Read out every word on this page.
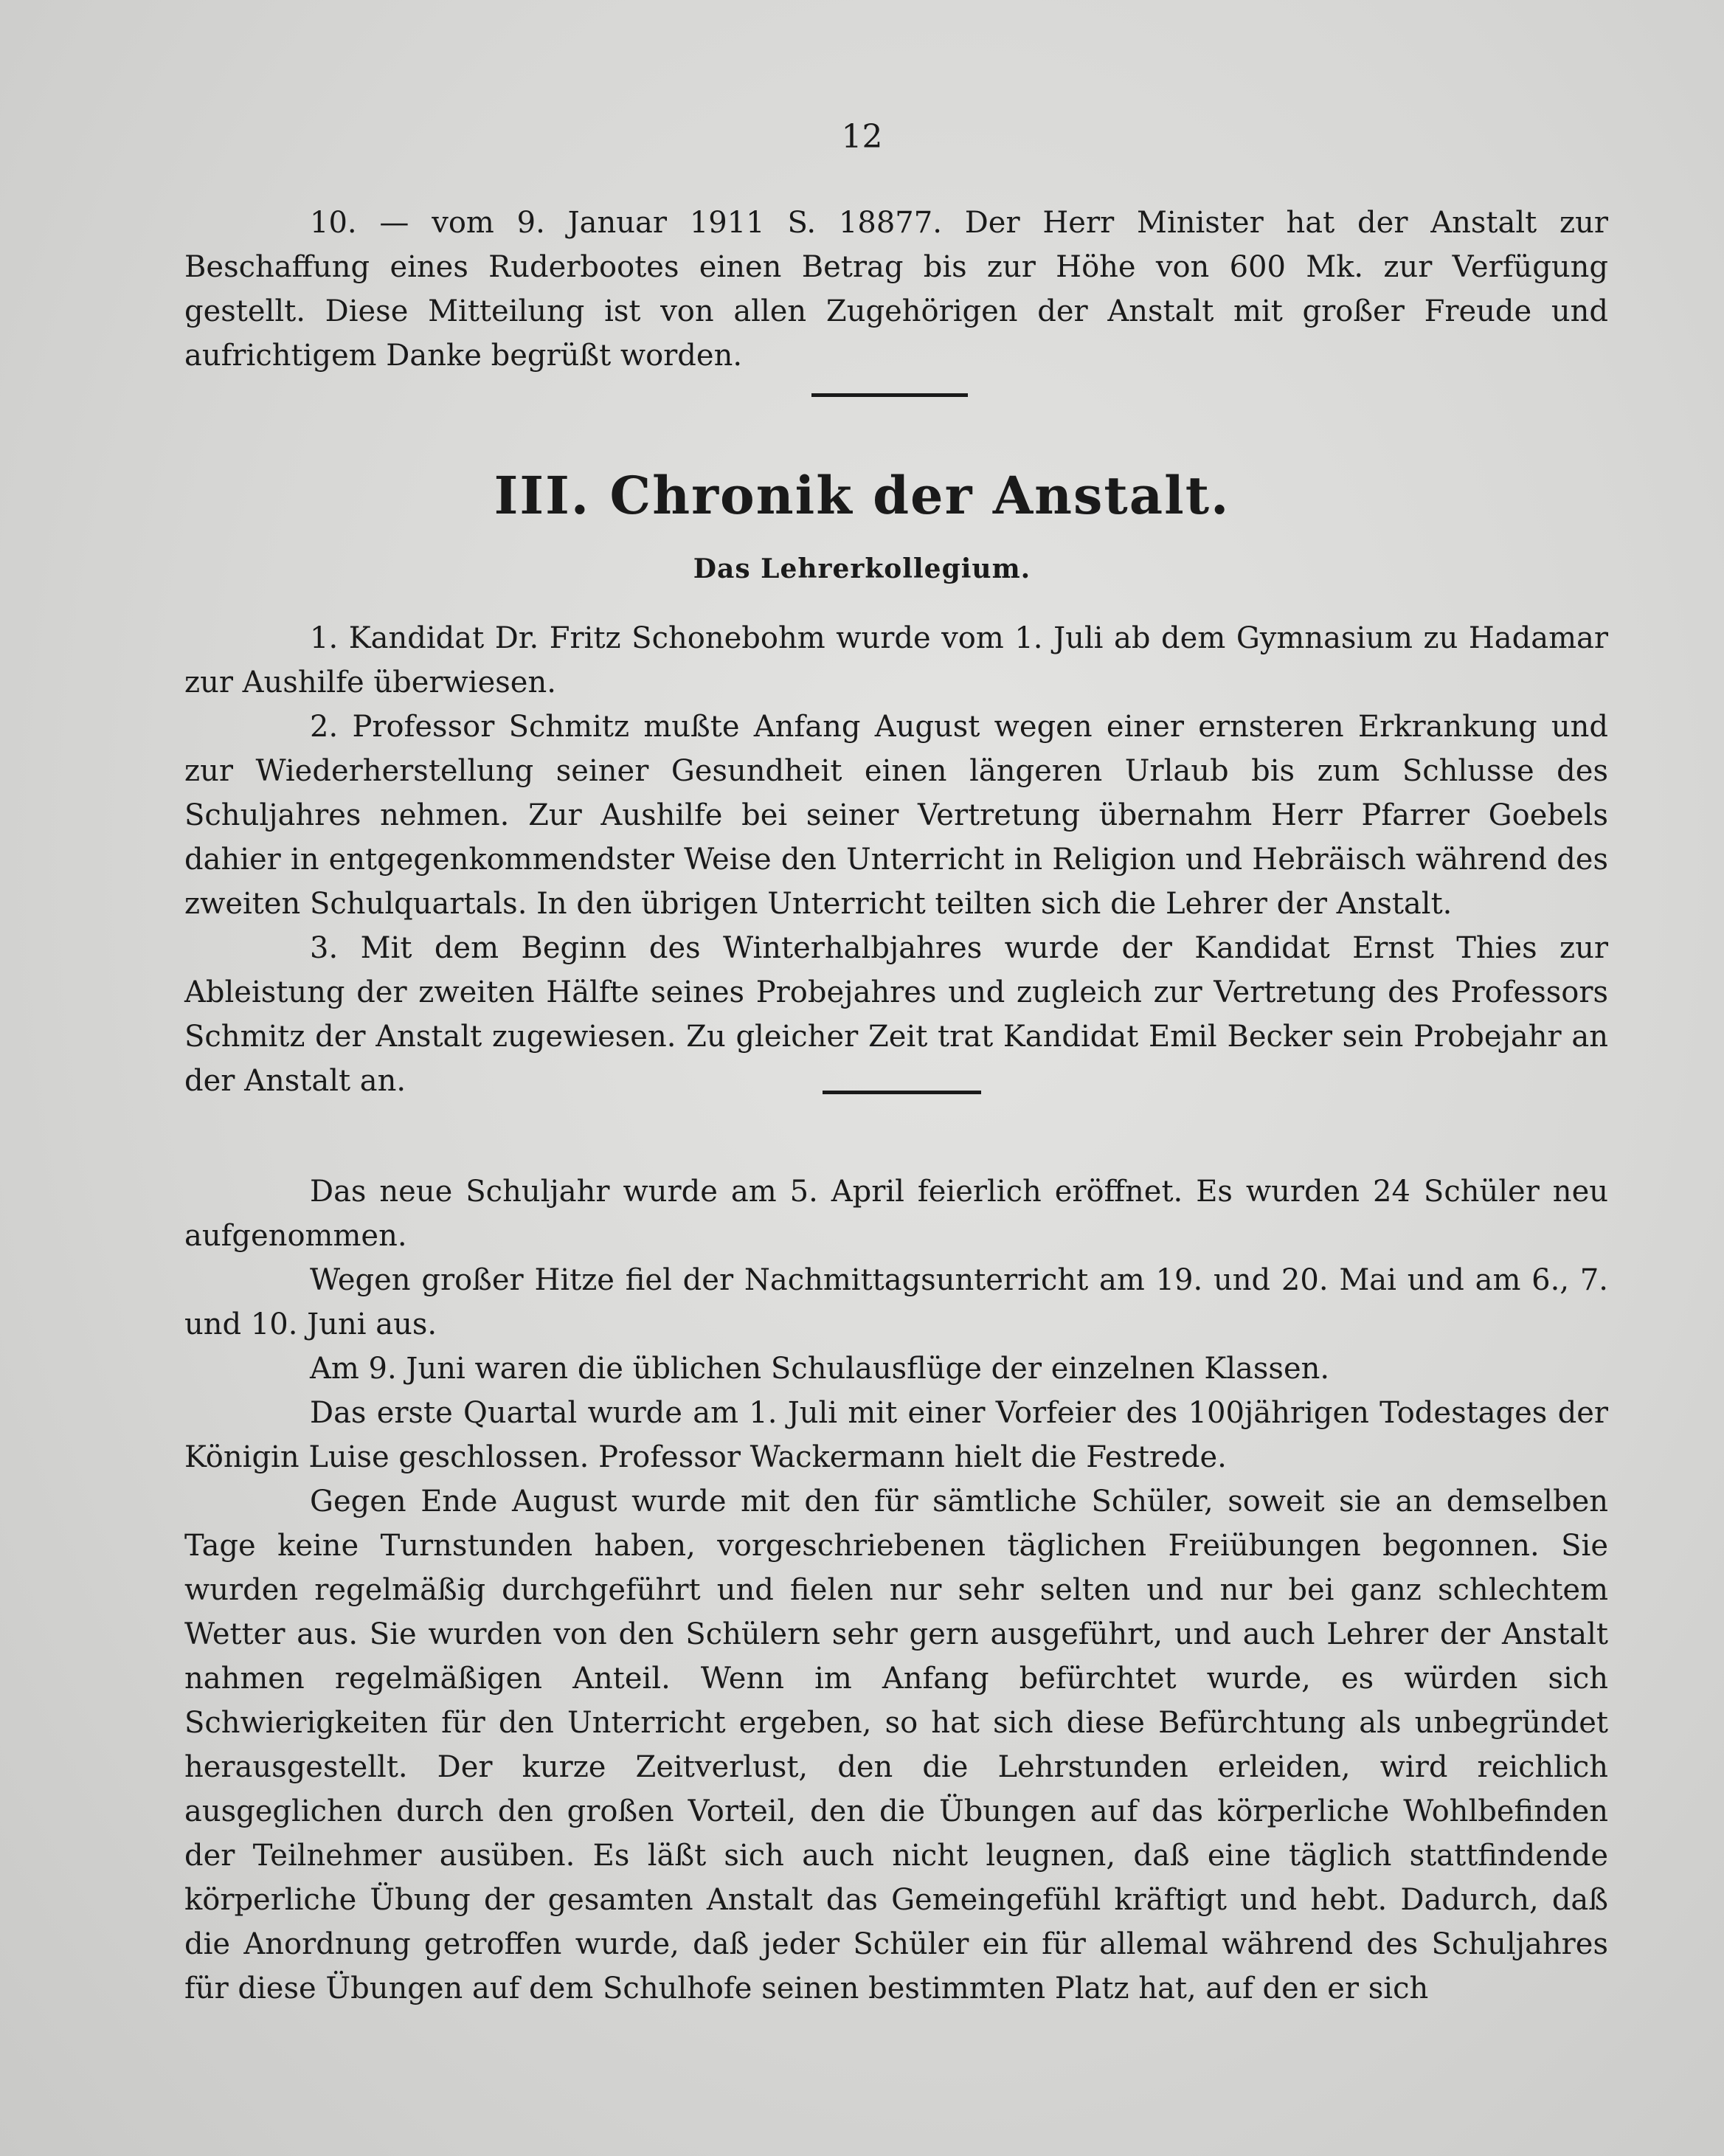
12

10. — vom 9. Januar 1911 S. 18877. Der Herr Minister hat der Anstalt zur Beschaffung eines Ruderbootes einen Betrag bis zur Höhe von 600 Mk. zur Verfügung gestellt. Diese Mitteilung ist von allen Zugehörigen der Anstalt mit großer Freude und aufrichtigem Danke begrüßt worden.

III. Chronik der Anstalt.
Das Lehrerkollegium.

1. Kandidat Dr. Fritz Schonebohm wurde vom 1. Juli ab dem Gymnasium zu Hadamar zur Aushilfe überwiesen.

2. Professor Schmitz mußte Anfang August wegen einer ernsteren Erkrankung und zur Wiederherstellung seiner Gesundheit einen längeren Urlaub bis zum Schlusse des Schuljahres nehmen. Zur Aushilfe bei seiner Vertretung übernahm Herr Pfarrer Goebels dahier in entgegenkommendster Weise den Unterricht in Religion und Hebräisch während des zweiten Schulquartals. In den übrigen Unterricht teilten sich die Lehrer der Anstalt.

3. Mit dem Beginn des Winterhalbjahres wurde der Kandidat Ernst Thies zur Ableistung der zweiten Hälfte seines Probejahres und zugleich zur Vertretung des Professors Schmitz der Anstalt zugewiesen. Zu gleicher Zeit trat Kandidat Emil Becker sein Probejahr an der Anstalt an.

Das neue Schuljahr wurde am 5. April feierlich eröffnet. Es wurden 24 Schüler neu aufgenommen.

Wegen großer Hitze fiel der Nachmittagsunterricht am 19. und 20. Mai und am 6., 7. und 10. Juni aus.

Am 9. Juni waren die üblichen Schulausflüge der einzelnen Klassen.

Das erste Quartal wurde am 1. Juli mit einer Vorfeier des 100jährigen Todestages der Königin Luise geschlossen. Professor Wackermann hielt die Festrede.

Gegen Ende August wurde mit den für sämtliche Schüler, soweit sie an demselben Tage keine Turnstunden haben, vorgeschriebenen täglichen Freiübungen begonnen. Sie wurden regelmäßig durchgeführt und fielen nur sehr selten und nur bei ganz schlechtem Wetter aus. Sie wurden von den Schülern sehr gern ausgeführt, und auch Lehrer der Anstalt nahmen regelmäßigen Anteil. Wenn im Anfang befürchtet wurde, es würden sich Schwierigkeiten für den Unterricht ergeben, so hat sich diese Befürchtung als unbegründet herausgestellt. Der kurze Zeitverlust, den die Lehrstunden erleiden, wird reichlich ausgeglichen durch den großen Vorteil, den die Übungen auf das körperliche Wohlbefinden der Teilnehmer ausüben. Es läßt sich auch nicht leugnen, daß eine täglich stattfindende körperliche Übung der gesamten Anstalt das Gemeingefühl kräftigt und hebt. Dadurch, daß die Anordnung getroffen wurde, daß jeder Schüler ein für allemal während des Schuljahres für diese Übungen auf dem Schulhofe seinen bestimmten Platz hat, auf den er sich
